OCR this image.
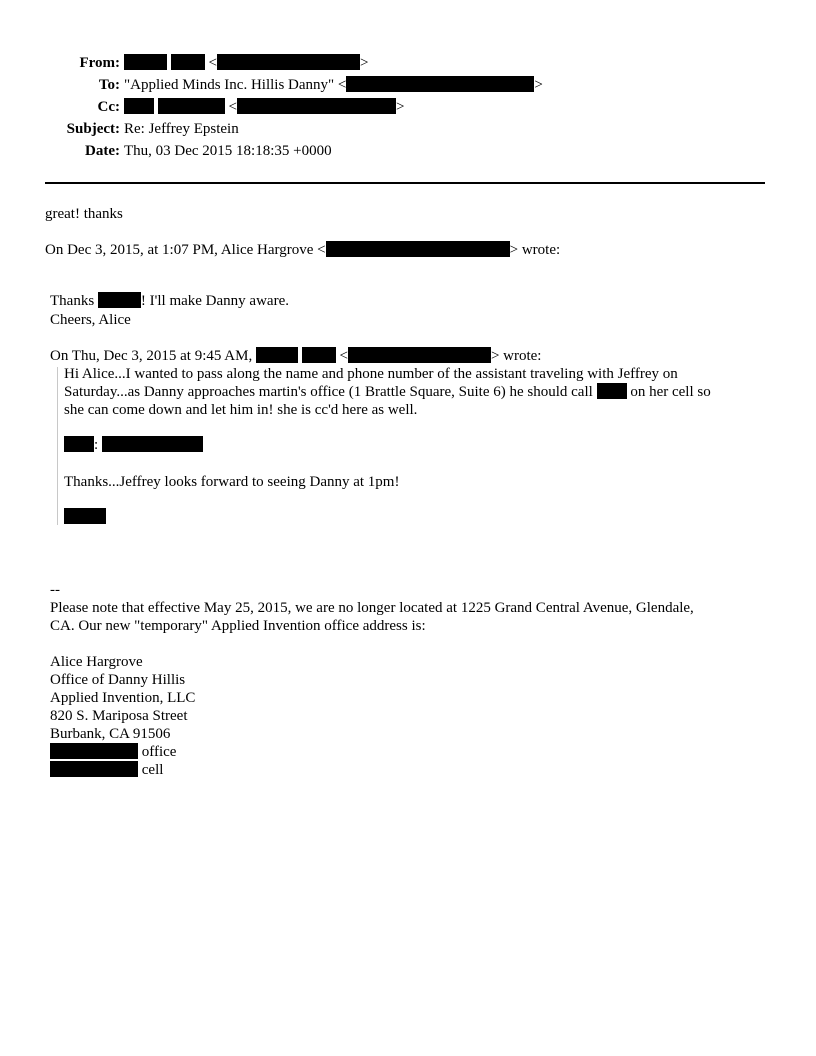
From:	<	>
To: "Applied Minds Inc. Hillis Danny" <	>
Cc:	<	>
Subject: Re: Jeffrey Epstein
Date: Thu, 03 Dec 2015 18:18:35 +0000
great! thanks
On Dec 3, 2015, at 1:07 PM, Alice Hargrove <	> wrote:
Thanks	! I'll make Danny aware.
Cheers, Alice
On Thu, Dec 3, 2015 at 9:45 AM,	<	> wrote:
Hi Alice...I wanted to pass along the name and phone number of the assistant traveling with Jeffrey on
Saturday...as Danny approaches martin's office (1 Brattle Square, Suite 6) he should call	on her cell so
she can come down and let him in! she is cc'd here as well.
:
Thanks...Jeffrey looks forward to seeing Danny at 1pm!
--
Please note that effective May 25, 2015, we are no longer located at 1225 Grand Central Avenue, Glendale,
CA. Our new "temporary" Applied Invention office address is:
Alice Hargrove
Office of Danny Hillis
Applied Invention, LLC
820 S. Mariposa Street
Burbank, CA 91506
office
cell
